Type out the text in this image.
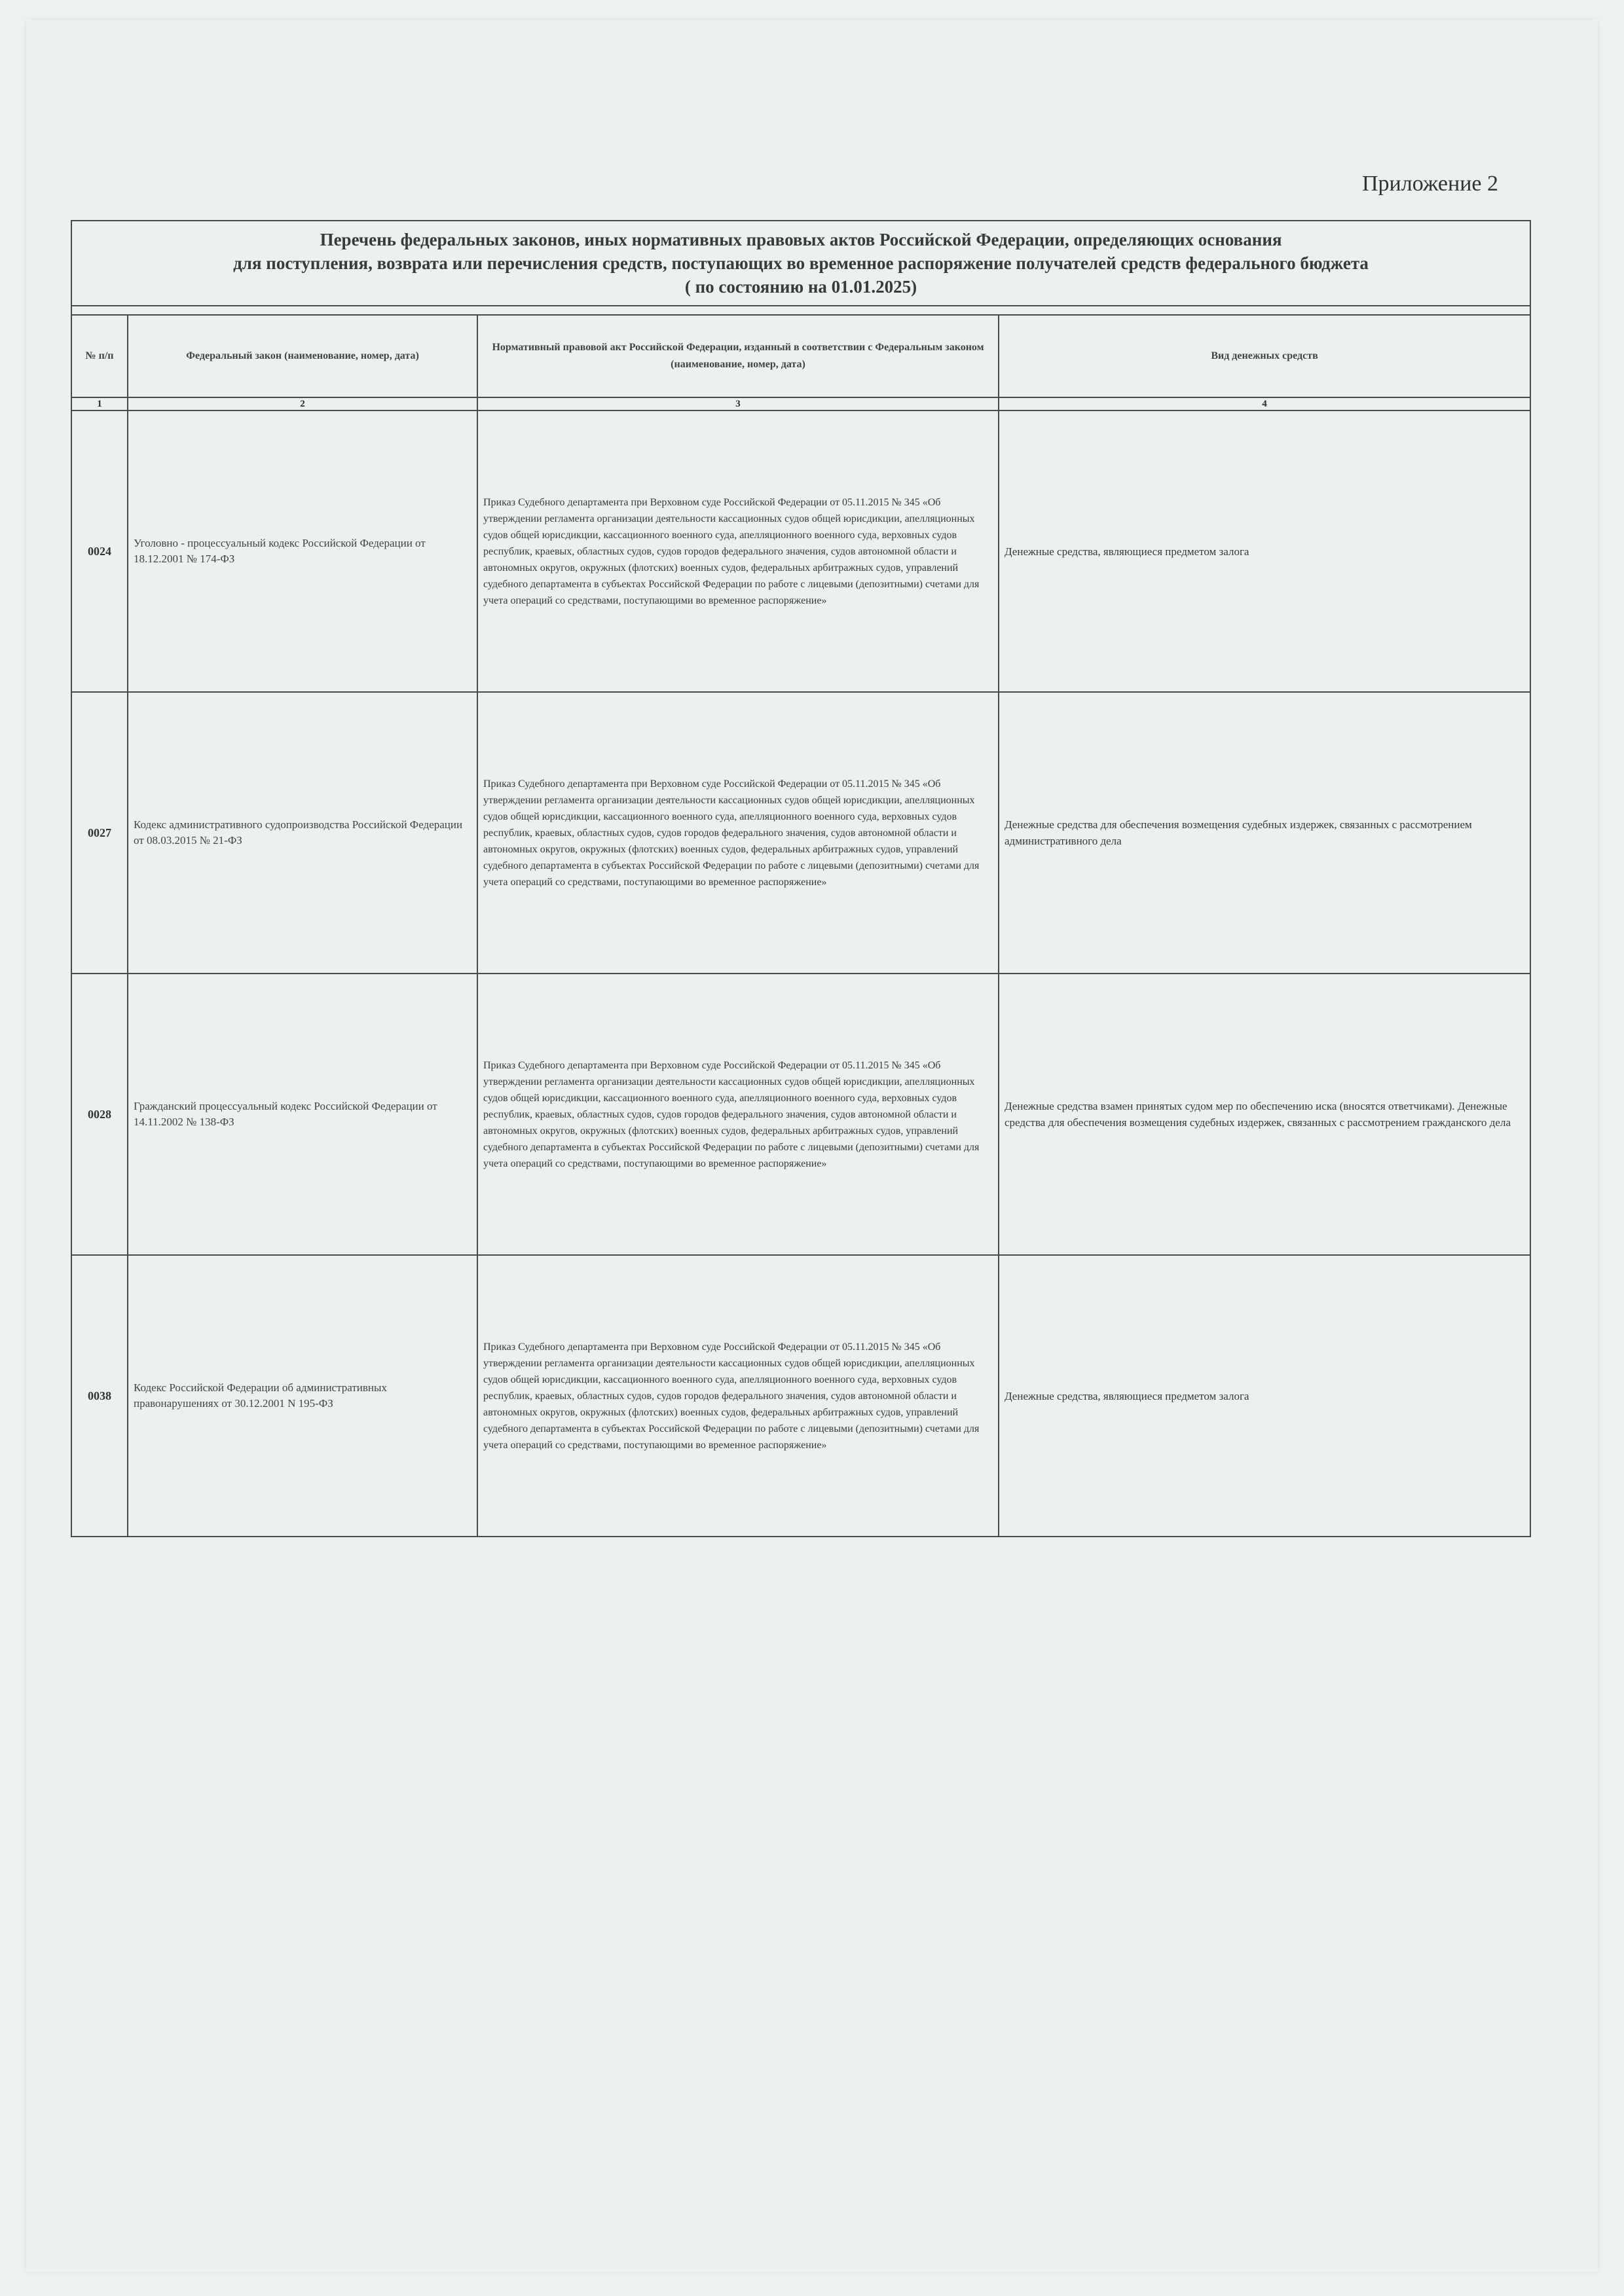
Приложение 2
Перечень федеральных законов, иных нормативных правовых актов Российской Федерации, определяющих основания
для поступления, возврата или перечисления средств, поступающих во временное распоряжение получателей средств федерального бюджета
( по состоянию на 01.01.2025)			

№ п/п	Федеральный закон (наименование, номер, дата)	Нормативный правовой акт Российской Федерации, изданный в соответствии с Федеральным законом (наименование, номер, дата)	Вид денежных средств
1	2	3	4
0024	Уголовно - процессуальный кодекс Российской Федерации от 18.12.2001 № 174-ФЗ	Приказ Судебного департамента при Верховном суде Российской Федерации от 05.11.2015 № 345 «Об утверждении регламента организации деятельности кассационных судов общей юрисдикции, апелляционных судов общей юрисдикции, кассационного военного суда, апелляционного военного суда, верховных судов республик, краевых, областных судов, судов городов федерального значения, судов автономной области и автономных округов, окружных (флотских) военных судов, федеральных арбитражных судов, управлений судебного департамента в субъектах Российской Федерации по работе с лицевыми (депозитными) счетами для учета операций со средствами, поступающими во временное распоряжение»	Денежные средства, являющиеся предметом залога
0027	Кодекс административного судопроизводства Российской Федерации от 08.03.2015 № 21-ФЗ	Приказ Судебного департамента при Верховном суде Российской Федерации от 05.11.2015 № 345 «Об утверждении регламента организации деятельности кассационных судов общей юрисдикции, апелляционных судов общей юрисдикции, кассационного военного суда, апелляционного военного суда, верховных судов республик, краевых, областных судов, судов городов федерального значения, судов автономной области и автономных округов, окружных (флотских) военных судов, федеральных арбитражных судов, управлений судебного департамента в субъектах Российской Федерации по работе с лицевыми (депозитными) счетами для учета операций со средствами, поступающими во временное распоряжение»	Денежные средства для обеспечения возмещения судебных издержек, связанных с рассмотрением административного дела
0028	Гражданский процессуальный кодекс Российской Федерации от 14.11.2002 № 138-ФЗ	Приказ Судебного департамента при Верховном суде Российской Федерации от 05.11.2015 № 345 «Об утверждении регламента организации деятельности кассационных судов общей юрисдикции, апелляционных судов общей юрисдикции, кассационного военного суда, апелляционного военного суда, верховных судов республик, краевых, областных судов, судов городов федерального значения, судов автономной области и автономных округов, окружных (флотских) военных судов, федеральных арбитражных судов, управлений судебного департамента в субъектах Российской Федерации по работе с лицевыми (депозитными) счетами для учета операций со средствами, поступающими во временное распоряжение»	Денежные средства взамен принятых судом мер по обеспечению иска (вносятся ответчиками). Денежные средства для обеспечения возмещения судебных издержек, связанных с рассмотрением гражданского дела
0038	Кодекс Российской Федерации об административных правонарушениях от 30.12.2001 N 195-ФЗ	Приказ Судебного департамента при Верховном суде Российской Федерации от 05.11.2015 № 345 «Об утверждении регламента организации деятельности кассационных судов общей юрисдикции, апелляционных судов общей юрисдикции, кассационного военного суда, апелляционного военного суда, верховных судов республик, краевых, областных судов, судов городов федерального значения, судов автономной области и автономных округов, окружных (флотских) военных судов, федеральных арбитражных судов, управлений судебного департамента в субъектах Российской Федерации по работе с лицевыми (депозитными) счетами для учета операций со средствами, поступающими во временное распоряжение»	Денежные средства, являющиеся предметом залога
